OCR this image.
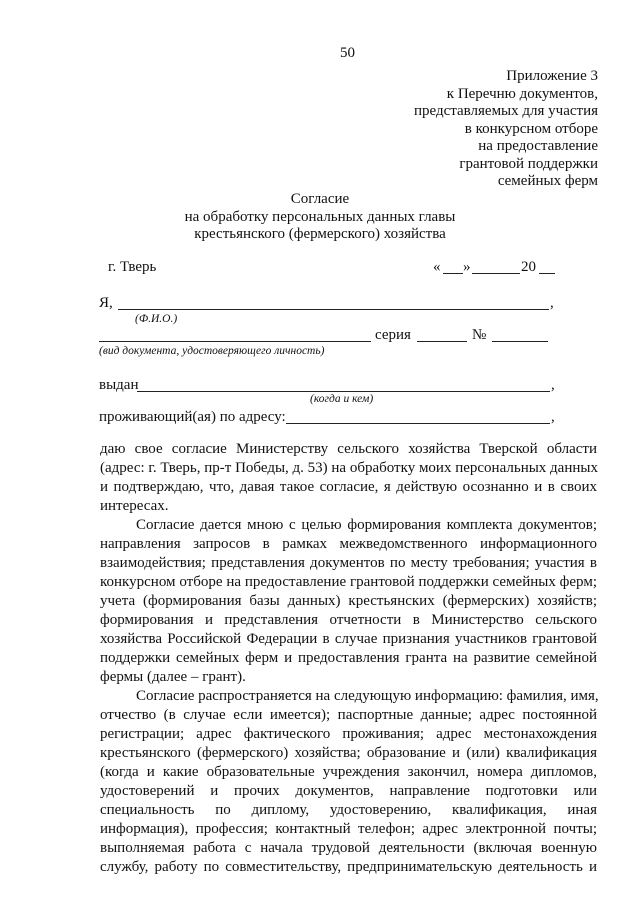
50
Приложение 3
к Перечню документов,
представляемых для участия
в конкурсном отборе
на предоставление
грантовой поддержки
семейных ферм
Согласие
на обработку персональных данных главы
крестьянского (фермерского) хозяйства
г. Тверь	« »	20
Я,	,
(Ф.И.О.)
серия	№
(вид документа, удостоверяющего личность)
выдан	,
(когда и кем)
проживающий(ая) по адресу:	,
даю свое согласие Министерству сельского хозяйства Тверской области
(адрес: г. Тверь, пр-т Победы, д. 53) на обработку моих персональных данных
и подтверждаю, что, давая такое согласие, я действую осознанно и в своих
интересах.
Согласие дается мною с целью формирования комплекта документов;
направления запросов в рамках межведомственного информационного
взаимодействия; представления документов по месту требования; участия в
конкурсном отборе на предоставление грантовой поддержки семейных ферм;
учета (формирования базы данных) крестьянских (фермерских) хозяйств;
формирования и представления отчетности в Министерство сельского
хозяйства Российской Федерации в случае признания участников грантовой
поддержки семейных ферм и предоставления гранта на развитие семейной
фермы (далее – грант).
Согласие распространяется на следующую информацию: фамилия, имя,
отчество (в случае если имеется); паспортные данные; адрес постоянной
регистрации; адрес фактического проживания; адрес местонахождения
крестьянского (фермерского) хозяйства; образование и (или) квалификация
(когда и какие образовательные учреждения закончил, номера дипломов,
удостоверений и прочих документов, направление подготовки или
специальность по диплому, удостоверению, квалификация, иная
информация), профессия; контактный телефон; адрес электронной почты;
выполняемая работа с начала трудовой деятельности (включая военную
службу, работу по совместительству, предпринимательскую деятельность и
